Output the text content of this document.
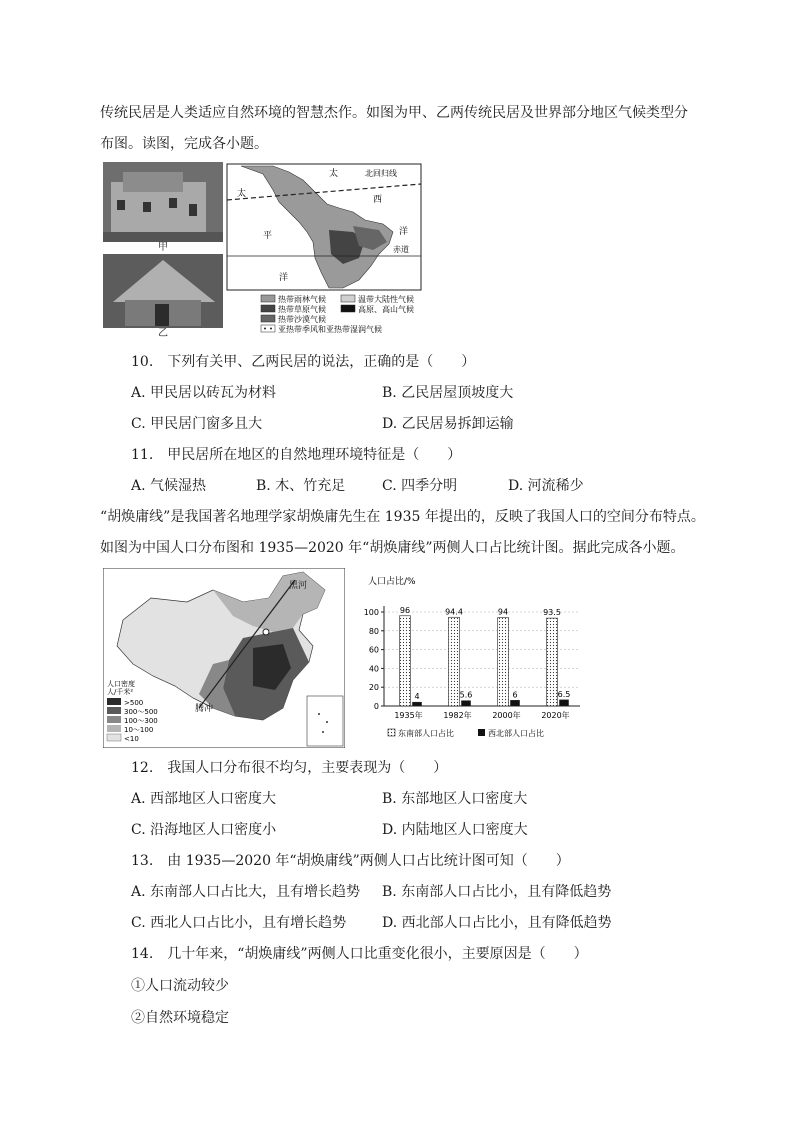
传统民居是人类适应自然环境的智慧杰作。如图为甲、乙两传统民居及世界部分地区气候类型分
布图。读图，完成各小题。
甲
乙
太	北回归线
太
西
平	洋
赤道
洋
热带雨林气候	温带大陆性气候
热带草原气候	高原、高山气候
热带沙漠气候
亚热带季风和亚热带湿润气候
10.　下列有关甲、乙两民居的说法，正确的是（　　）
A. 甲民居以砖瓦为材料	B. 乙民居屋顶坡度大
C. 甲民居门窗多且大	D. 乙民居易拆卸运输
11.　甲民居所在地区的自然地理环境特征是（　　）
A. 气候湿热	B. 木、竹充足	C. 四季分明	D. 河流稀少
“胡焕庸线”是我国著名地理学家胡焕庸先生在 1935 年提出的，反映了我国人口的空间分布特点。
如图为中国人口分布图和 1935—2020 年“胡焕庸线”两侧人口占比统计图。据此完成各小题。
黑河
腾冲
人口密度
人/千米²
>500
300～500
100～300
10～100
<10
人口占比/%
0
20
40
60
80
100	96
4
1935年
94.4
5.6
1982年
94
6
2000年
93.5
6.5
2020年
东南部人口占比	西北部人口占比
12.　我国人口分布很不均匀，主要表现为（　　）
A. 西部地区人口密度大	B. 东部地区人口密度大
C. 沿海地区人口密度小	D. 内陆地区人口密度大
13.　由 1935—2020 年“胡焕庸线”两侧人口占比统计图可知（　　）
A. 东南部人口占比大，且有增长趋势 B. 东南部人口占比小，且有降低趋势
C. 西北人口占比小，且有增长趋势	D. 西北部人口占比小，且有降低趋势
14.　几十年来，“胡焕庸线”两侧人口比重变化很小，主要原因是（　　）
①人口流动较少
②自然环境稳定
